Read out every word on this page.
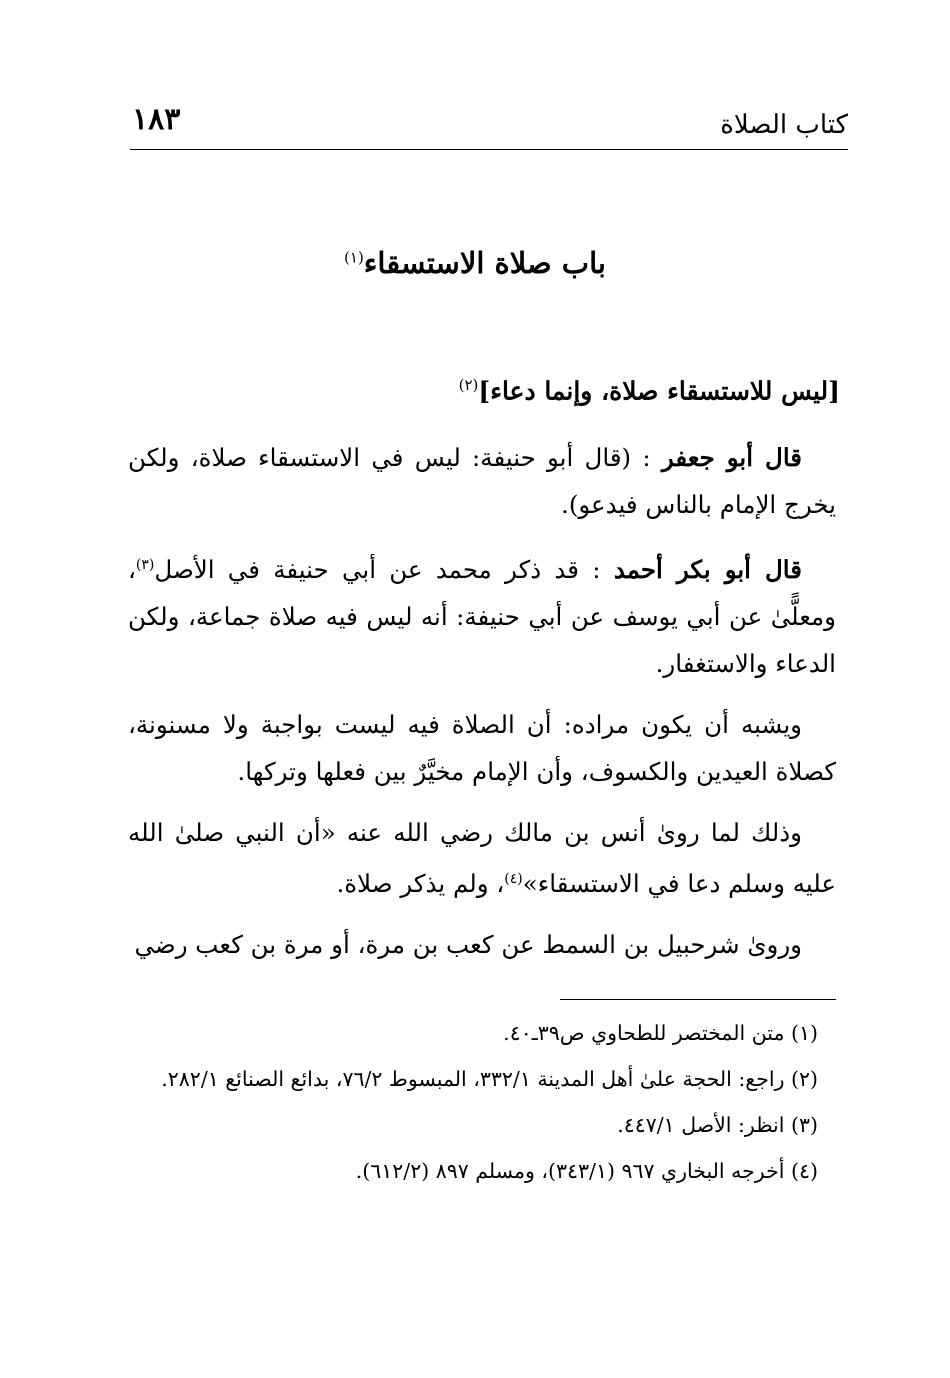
كتاب الصلاة
١٨٣
باب صلاة الاستسقاء$^{(١)}$
[ليس للاستسقاء صلاة، وإنما دعاء]$^{(٢)}$

قال أبو جعفر : (قال أبو حنيفة: ليس في الاستسقاء صلاة، ولكن يخرج الإمام بالناس فيدعو).

قال أبو بكر أحمد : قد ذكر محمد عن أبي حنيفة في الأصل$^{(٣)}$، ومعلًّىٰ عن أبي يوسف عن أبي حنيفة: أنه ليس فيه صلاة جماعة، ولكن الدعاء والاستغفار.

ويشبه أن يكون مراده: أن الصلاة فيه ليست بواجبة ولا مسنونة، كصلاة العيدين والكسوف، وأن الإمام مخيَّرٌ بين فعلها وتركها.

وذلك لما رویٰ أنس بن مالك رضي الله عنه «أن النبي صلىٰ الله عليه وسلم دعا في الاستسقاء»$^{(٤)}$، ولم يذكر صلاة.

ورویٰ شرحبيل بن السمط عن كعب بن مرة، أو مرة بن كعب رضي

(١) متن المختصر للطحاوي ص٣٩ـ٤٠.

(٢) راجع: الحجة علىٰ أهل المدينة ٣٣٢/١، المبسوط ٧٦/٢، بدائع الصنائع ٢٨٢/١.

(٣) انظر: الأصل ٤٤٧/١.

(٤) أخرجه البخاري ٩٦٧ (٣٤٣/١)، ومسلم ٨٩٧ (٦١٢/٢).
